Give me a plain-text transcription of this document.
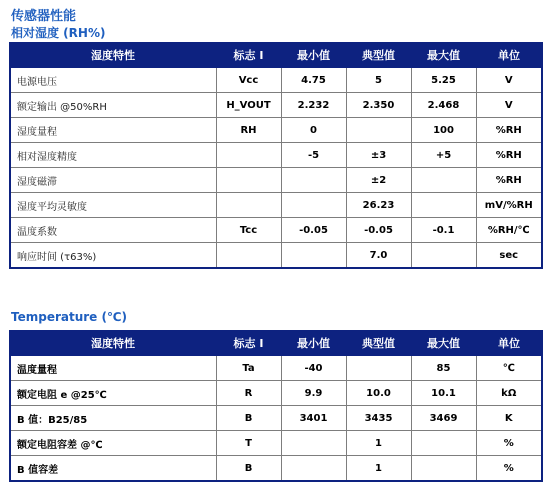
传感器性能
相对湿度 (RH%)
湿度特性	标志 I	最小值	典型值	最大值	单位
电源电压	Vcc	4.75	5	5.25	V
额定输出 @50%RH	H_VOUT	2.232	2.350	2.468	V
湿度量程	RH	0		100	%RH
相对湿度精度		-5	±3	+5	%RH
湿度磁滞			±2		%RH
湿度平均灵敏度			26.23		mV/%RH
温度系数	Tcc	-0.05	-0.05	-0.1	%RH/℃
响应时间 (τ63%)			7.0		sec
Temperature (℃)
湿度特性	标志 I	最小值	典型值	最大值	单位
温度量程	Ta	-40		85	℃
额定电阻 e @25℃	R	9.9	10.0	10.1	kΩ
B 值：B25/85	B	3401	3435	3469	K
额定电阻容差 @℃	T		1		%
B 值容差	B		1		%
